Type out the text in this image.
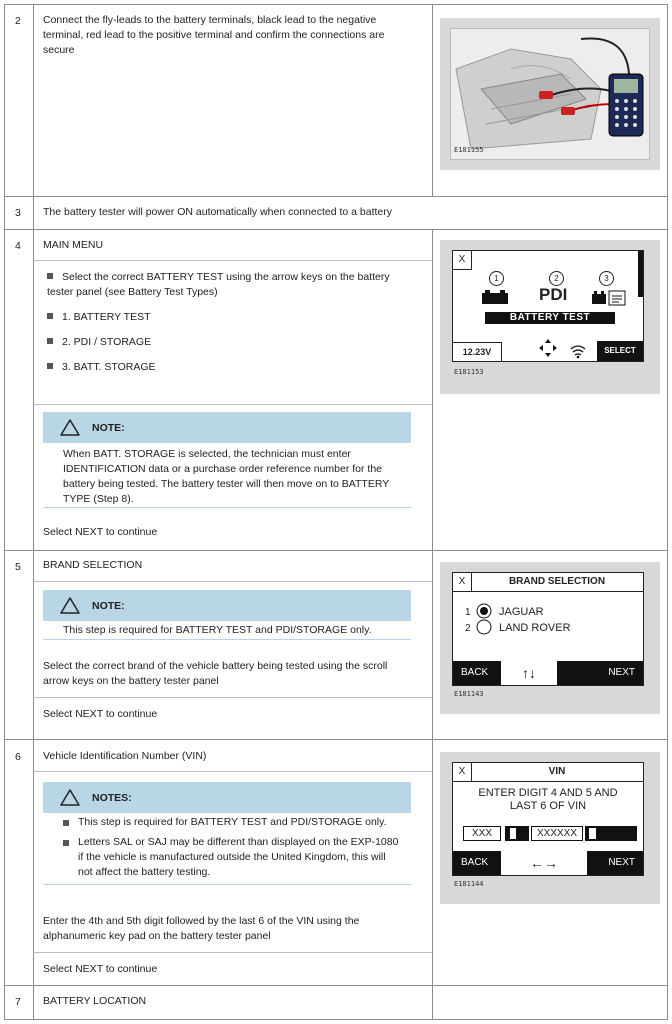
2 Connect the fly-leads to the battery terminals, black lead to the negative terminal, red lead to the positive terminal and confirm the connections are secure
E181155
3 The battery tester will power ON automatically when connected to a battery
4 MAIN MENU
Select the correct BATTERY TEST using the arrow keys on the battery tester panel (see Battery Test Types)
1. BATTERY TEST
2. PDI / STORAGE
3. BATT. STORAGE
NOTE:
When BATT. STORAGE is selected, the technician must enter IDENTIFICATION data or a purchase order reference number for the battery being tested. The battery tester will then move on to BATTERY TYPE (Step 8).
Select NEXT to continue
X
1	2	3
PDI
BATTERY TEST
12.23V	SELECT
E181153
5 BRAND SELECTION
NOTE:
This step is required for BATTERY TEST and PDI/STORAGE only.
Select the correct brand of the vehicle battery being tested using the scroll arrow keys on the battery tester panel
Select NEXT to continue
X	BRAND SELECTION
1	JAGUAR
2	LAND ROVER
BACK	NEXT
↑↓
E181143
6 Vehicle Identification Number (VIN)
NOTES:
This step is required for BATTERY TEST and PDI/STORAGE only.
Letters SAL or SAJ may be different than displayed on the EXP-1080 if the vehicle is manufactured outside the United Kingdom, this will not affect the battery testing.
Enter the 4th and 5th digit followed by the last 6 of the VIN using the alphanumeric key pad on the battery tester panel
Select NEXT to continue
X	VIN
ENTER DIGIT 4 AND 5 AND LAST 6 OF VIN
XXX	XXXXXX
BACK	NEXT
←→
E181144
7 BATTERY LOCATION
